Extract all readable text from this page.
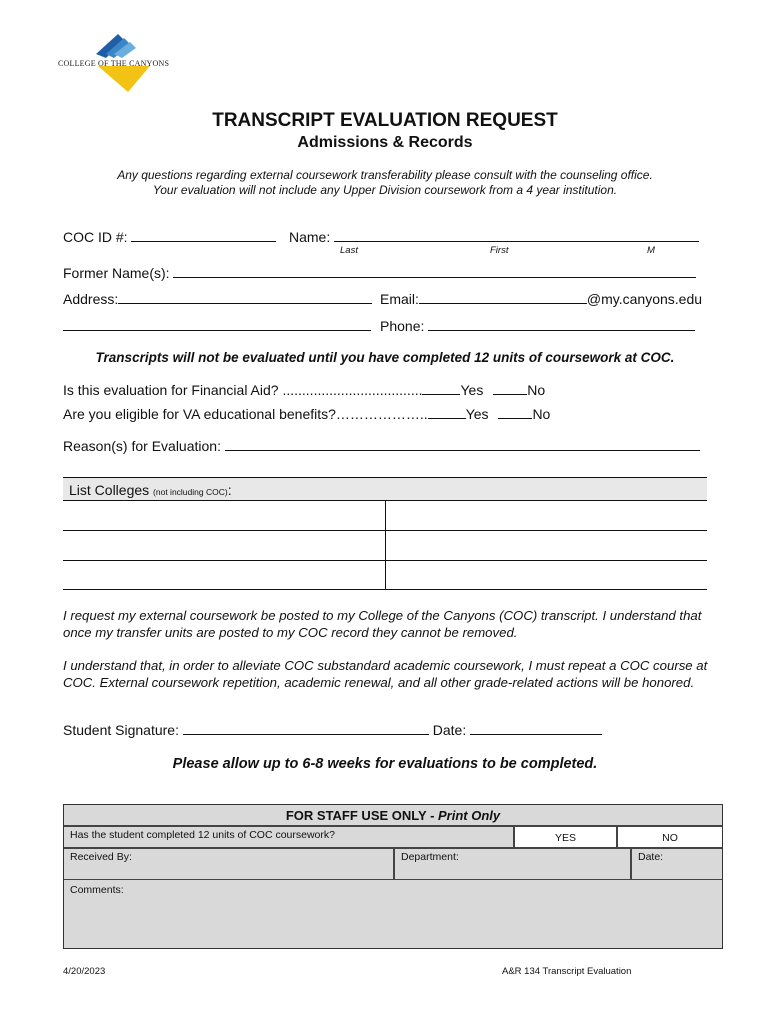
COLLEGE OF THE CANYONS
TRANSCRIPT EVALUATION REQUEST
Admissions & Records
Any questions regarding external coursework transferability please consult with the counseling office.
Your evaluation will not include any Upper Division coursework from a 4 year institution.
COC ID #:	Name:
Last	First	M
Former Name(s):
Address:	Email:	@my.canyons.edu
Phone:
Transcripts will not be evaluated until you have completed 12 units of coursework at COC.
Is this evaluation for Financial Aid? ....................................	Yes	No
Are you eligible for VA educational benefits?………………..	Yes	No
Reason(s) for Evaluation:
List Colleges (not including COC):
I request my external coursework be posted to my College of the Canyons (COC) transcript. I understand that once my transfer units are posted to my COC record they cannot be removed.
I understand that, in order to alleviate COC substandard academic coursework, I must repeat a COC course at COC. External coursework repetition, academic renewal, and all other grade-related actions will be honored.
Student Signature:	Date:
Please allow up to 6-8 weeks for evaluations to be completed.
FOR STAFF USE ONLY - Print Only
Has the student completed 12 units of COC coursework?	YES	NO
Received By:	Department:	Date:
Comments:
4/20/2023	A&R 134 Transcript Evaluation
